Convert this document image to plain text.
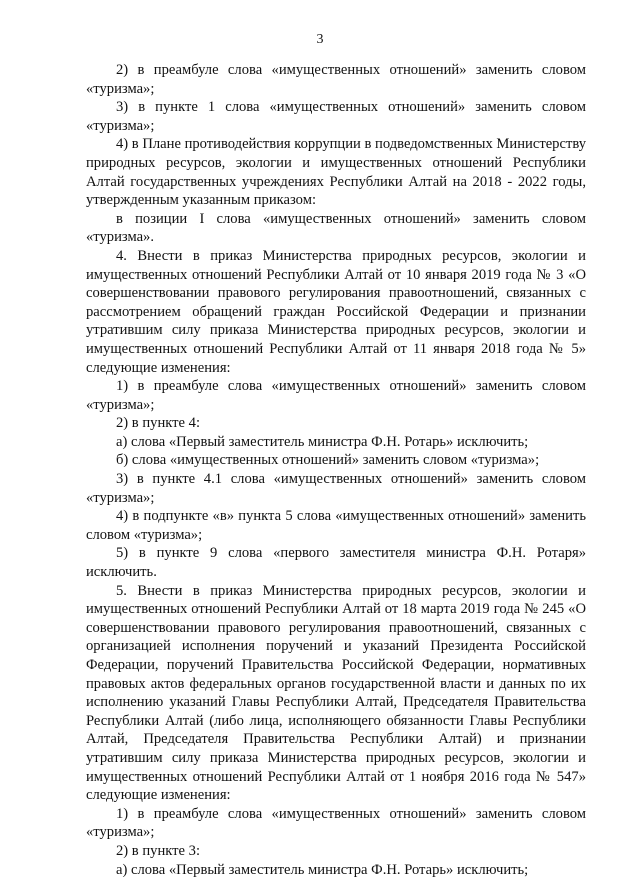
3

2) в преамбуле слова «имущественных отношений» заменить словом «туризма»;

3) в пункте 1 слова «имущественных отношений» заменить словом «туризма»;

4) в Плане противодействия коррупции в подведомственных Министерству природных ресурсов, экологии и имущественных отношений Республики Алтай государственных учреждениях Республики Алтай на 2018 - 2022 годы, утвержденным указанным приказом:

в позиции I слова «имущественных отношений» заменить словом «туризма».

4. Внести в приказ Министерства природных ресурсов, экологии и имущественных отношений Республики Алтай от 10 января 2019 года № 3 «О совершенствовании правового регулирования правоотношений, связанных с рассмотрением обращений граждан Российской Федерации и признании утратившим силу приказа Министерства природных ресурсов, экологии и имущественных отношений Республики Алтай от 11 января 2018 года № 5» следующие изменения:

1) в преамбуле слова «имущественных отношений» заменить словом «туризма»;

2) в пункте 4:

а) слова «Первый заместитель министра Ф.Н. Ротарь» исключить;

б) слова «имущественных отношений» заменить словом «туризма»;

3) в пункте 4.1 слова «имущественных отношений» заменить словом «туризма»;

4) в подпункте «в» пункта 5 слова «имущественных отношений» заменить словом «туризма»;

5) в пункте 9 слова «первого заместителя министра Ф.Н. Ротаря» исключить.

5. Внести в приказ Министерства природных ресурсов, экологии и имущественных отношений Республики Алтай от 18 марта 2019 года № 245 «О совершенствовании правового регулирования правоотношений, связанных с организацией исполнения поручений и указаний Президента Российской Федерации, поручений Правительства Российской Федерации, нормативных правовых актов федеральных органов государственной власти и данных по их исполнению указаний Главы Республики Алтай, Председателя Правительства Республики Алтай (либо лица, исполняющего обязанности Главы Республики Алтай, Председателя Правительства Республики Алтай) и признании утратившим силу приказа Министерства природных ресурсов, экологии и имущественных отношений Республики Алтай от 1 ноября 2016 года № 547» следующие изменения:

1) в преамбуле слова «имущественных отношений» заменить словом «туризма»;

2) в пункте 3:

а) слова «Первый заместитель министра Ф.Н. Ротарь» исключить;
